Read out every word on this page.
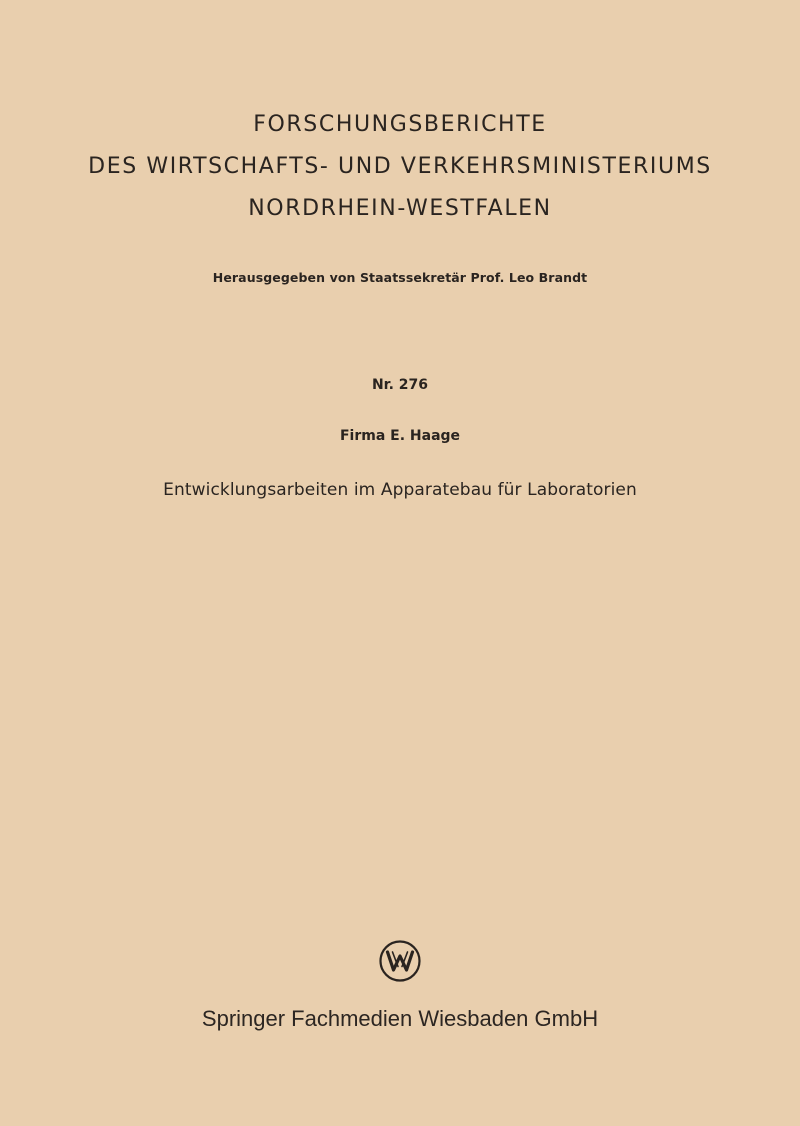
FORSCHUNGSBERICHTE
DES WIRTSCHAFTS- UND VERKEHRSMINISTERIUMS
NORDRHEIN-WESTFALEN
Herausgegeben von Staatssekretär Prof. Leo Brandt
Nr. 276
Firma E. Haage
Entwicklungsarbeiten im Apparatebau für Laboratorien
Springer Fachmedien Wiesbaden GmbH
